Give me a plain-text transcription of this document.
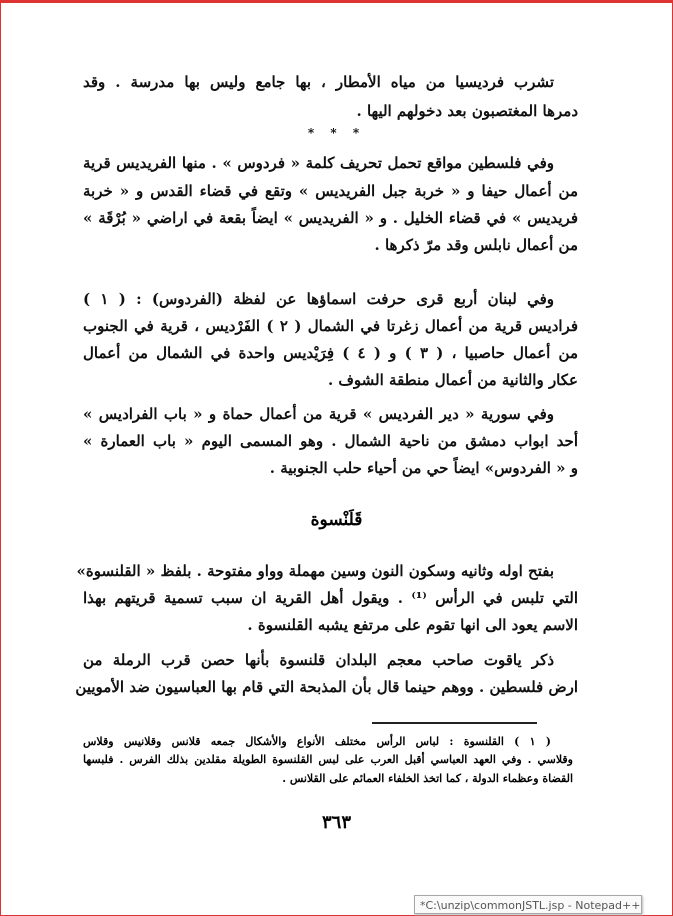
تشرب فرديسيا من مياه الأمطار ، بها جامع وليس بها مدرسة . وقد
دمرها المغتصبون بعد دخولهم اليها .
* * *
وفي فلسطين مواقع تحمل تحريف كلمة « فردوس » . منها الفريديس قرية
من أعمال حيفا و « خربة جبل الفريديس » وتقع في قضاء القدس و « خربة
فريديس » في قضاء الخليل . و « الفريديس » ايضاً بقعة في اراضي « بُرْقَة »
من أعمال نابلس وقد مرّ ذكرها .
وفي لبنان أربع قرى حرفت اسماؤها عن لفظة (الفردوس) : ( ١ )
فراديس قرية من أعمال زغرتا في الشمال ( ٢ ) الفَرْديس ، قرية في الجنوب
من أعمال حاصبيا ، ( ٣ ) و ( ٤ ) فِرَيْديس واحدة في الشمال من أعمال
عكار والثانية من أعمال منطقة الشوف .
وفي سورية « دير الفرديس » قرية من أعمال حماة و « باب الفراديس »
أحد ابواب دمشق من ناحية الشمال . وهو المسمى اليوم « باب العمارة »
و « الفردوس» ايضاً حي من أحياء حلب الجنوبية .
قَلَنْسوة
بفتح اوله وثانيه وسكون النون وسين مهملة وواو مفتوحة . بلفظ « القلنسوة»
التي تلبس في الرأس ⁽¹⁾ . ويقول أهل القرية ان سبب تسمية قريتهم بهذا
الاسم يعود الى انها تقوم على مرتفع يشبه القلنسوة .
ذكر ياقوت صاحب معجم البلدان قلنسوة بأنها حصن قرب الرملة من
ارض فلسطين . ووهم حينما قال بأن المذبحة التي قام بها العباسيون ضد الأمويين
( ١ ) القلنسوة : لباس الرأس مختلف الأنواع والأشكال جمعه قلانس وقلانيس وقلاس
وقلاسي . وفي العهد العباسي أقبل العرب على لبس القلنسوة الطويلة مقلدين بذلك الفرس . فلبسها
القضاة وعظماء الدولة ، كما اتخذ الخلفاء العمائم على القلانس .
٣٦٣
*C:\unzip\commonJSTL.jsp - Notepad++
